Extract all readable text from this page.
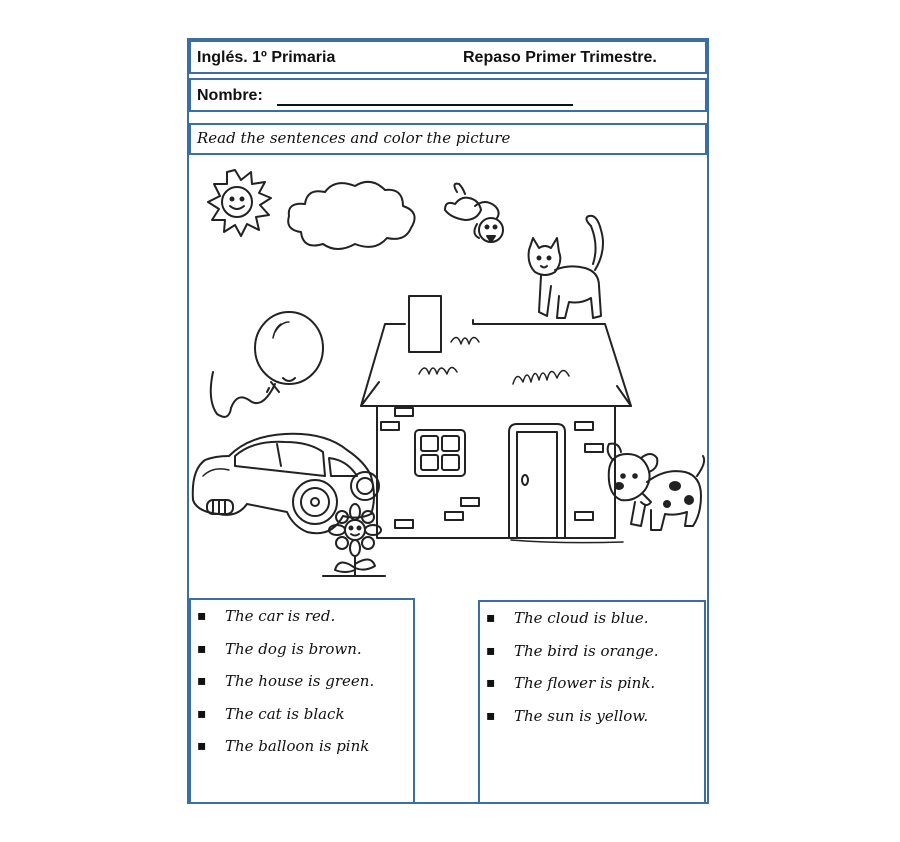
Inglés. 1º Primaria	Repaso Primer Trimestre.
Nombre:
Read the sentences and color the picture
▪ The car is red.
▪ The dog is brown.
▪ The house is green.
▪ The cat is black
▪ The balloon is pink
▪ The cloud is blue.
▪ The bird is orange.
▪ The flower is pink.
▪ The sun is yellow.
